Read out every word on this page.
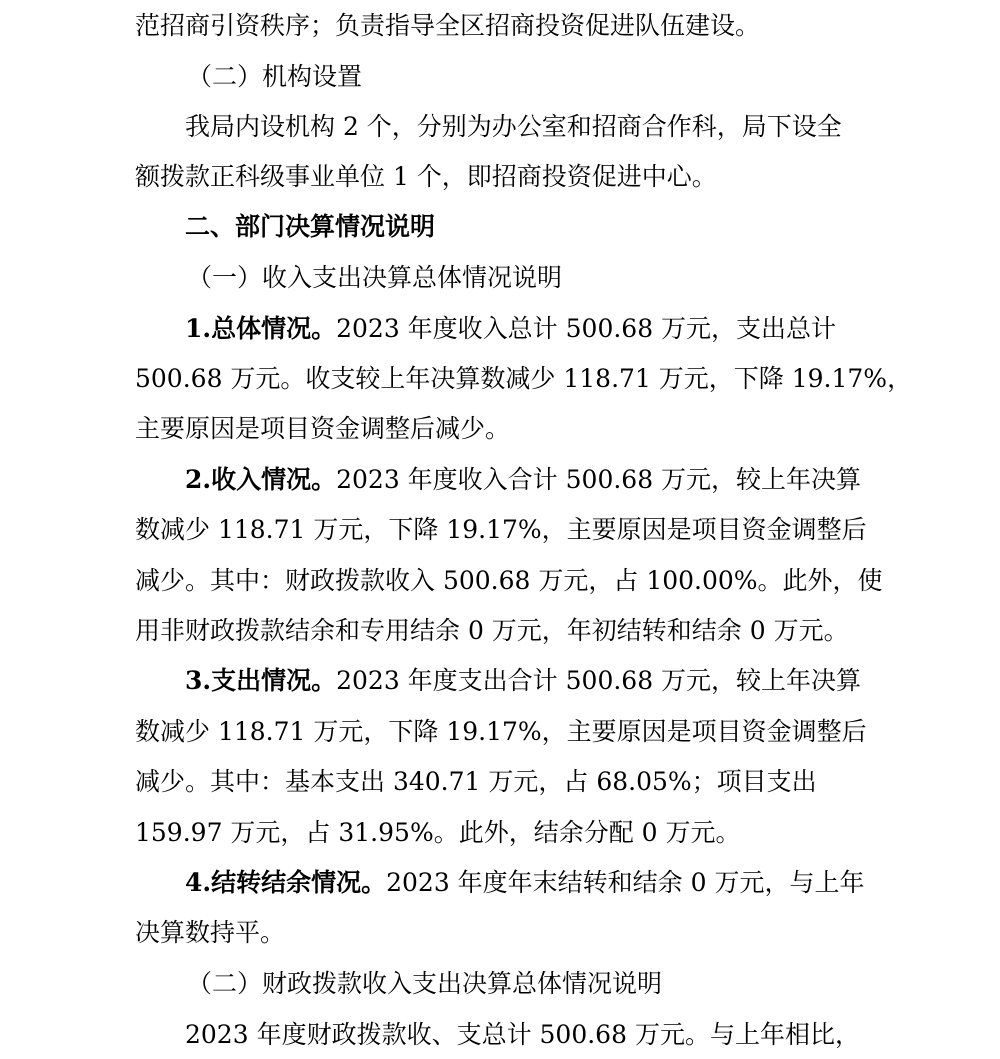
范招商引资秩序；负责指导全区招商投资促进队伍建设。
（二）机构设置
我局内设机构 2 个，分别为办公室和招商合作科，局下设全
额拨款正科级事业单位 1 个，即招商投资促进中心。
二、部门决算情况说明
（一）收入支出决算总体情况说明
1.总体情况。2023 年度收入总计 500.68 万元，支出总计
500.68 万元。收支较上年决算数减少 118.71 万元，下降 19.17%，
主要原因是项目资金调整后减少。
2.收入情况。2023 年度收入合计 500.68 万元，较上年决算
数减少 118.71 万元，下降 19.17%，主要原因是项目资金调整后
减少。其中：财政拨款收入 500.68 万元，占 100.00%。此外，使
用非财政拨款结余和专用结余 0 万元，年初结转和结余 0 万元。
3.支出情况。2023 年度支出合计 500.68 万元，较上年决算
数减少 118.71 万元，下降 19.17%，主要原因是项目资金调整后
减少。其中：基本支出 340.71 万元，占 68.05%；项目支出
159.97 万元，占 31.95%。此外，结余分配 0 万元。
4.结转结余情况。2023 年度年末结转和结余 0 万元，与上年
决算数持平。
（二）财政拨款收入支出决算总体情况说明
2023 年度财政拨款收、支总计 500.68 万元。与上年相比，
